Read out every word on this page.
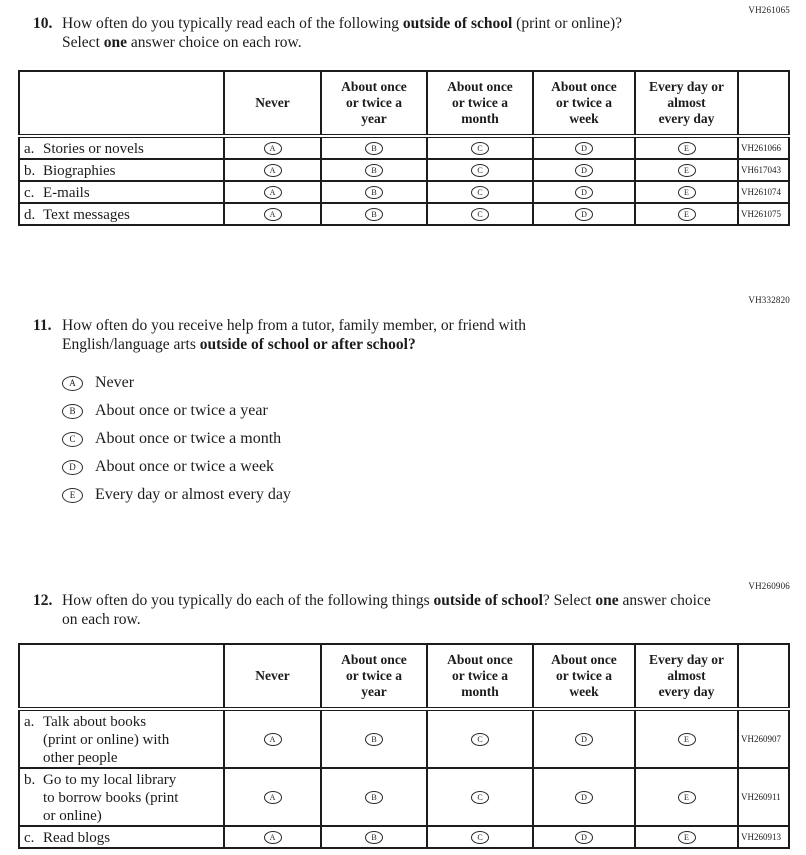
VH261065
10. How often do you typically read each of the following outside of school (print or online)? Select one answer choice on each row.

	Never	About once
or twice a
year	About once
or twice a
month	About once
or twice a
week	Every day or
almost
every day	

a. Stories or novels	A	B	C	D	E	VH261066

b. Biographies	A	B	C	D	E	VH617043

c. E-mails	A	B	C	D	E	VH261074

d. Text messages	A	B	C	D	E	VH261075
VH332820
11. How often do you receive help from a tutor, family member, or friend with English/language arts outside of school or after school?
A	Never
B	About once or twice a year
C	About once or twice a month
D	About once or twice a week
E	Every day or almost every day
VH260906
12. How often do you typically do each of the following things outside of school? Select one answer choice on each row.

	Never	About once
or twice a
year	About once
or twice a
month	About once
or twice a
week	Every day or
almost
every day	

a. Talk about books
(print or online) with
other people	A	B	C	D	E	VH260907

b. Go to my local library
to borrow books (print
or online)	A	B	C	D	E	VH260911

c. Read blogs	A	B	C	D	E	VH260913
